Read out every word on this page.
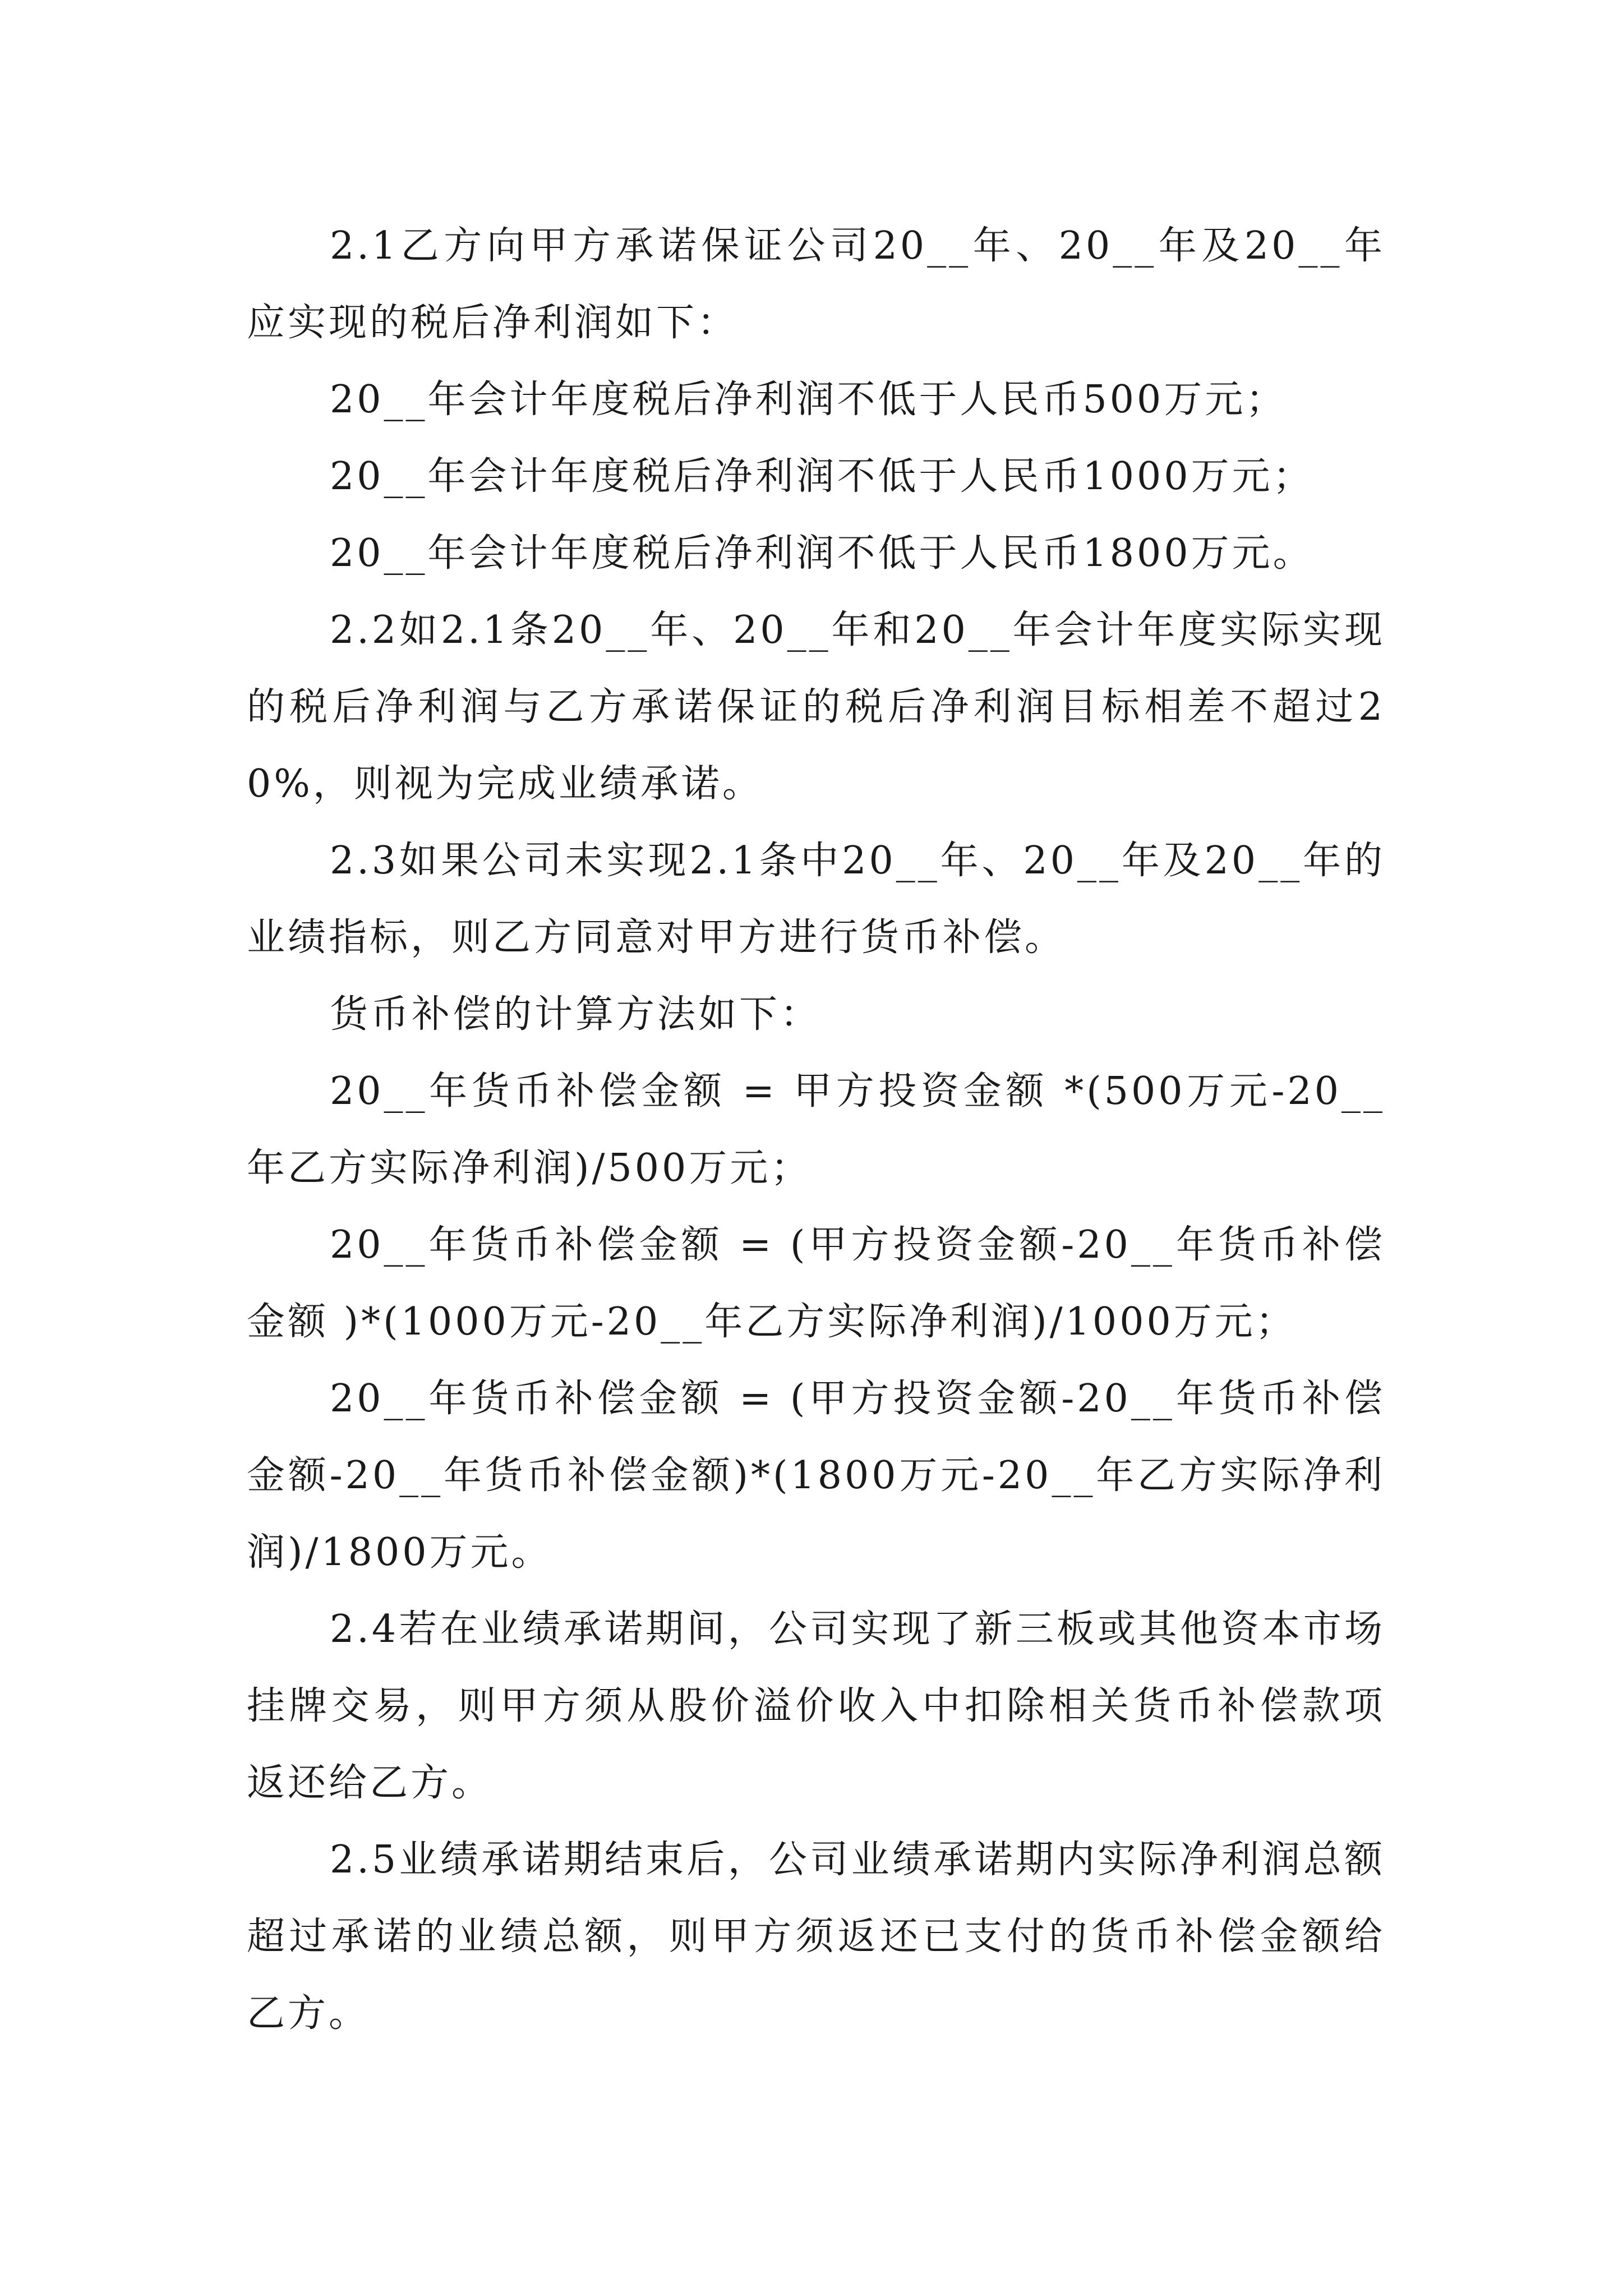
2.1乙方向甲方承诺保证公司20__年、20__年及20__年应实现的税后净利润如下：

20__年会计年度税后净利润不低于人民币500万元；

20__年会计年度税后净利润不低于人民币1000万元；

20__年会计年度税后净利润不低于人民币1800万元。

2.2如2.1条20__年、20__年和20__年会计年度实际实现的税后净利润与乙方承诺保证的税后净利润目标相差不超过20%，则视为完成业绩承诺。

2.3如果公司未实现2.1条中20__年、20__年及20__年的业绩指标，则乙方同意对甲方进行货币补偿。

货币补偿的计算方法如下：

20__年货币补偿金额 = 甲方投资金额 *(500万元-20__年乙方实际净利润)/500万元；

20__年货币补偿金额 = (甲方投资金额-20__年货币补偿金额 )*(1000万元-20__年乙方实际净利润)/1000万元；

20__年货币补偿金额 = (甲方投资金额-20__年货币补偿金额-20__年货币补偿金额)*(1800万元-20__年乙方实际净利润)/1800万元。

2.4若在业绩承诺期间，公司实现了新三板或其他资本市场挂牌交易，则甲方须从股价溢价收入中扣除相关货币补偿款项返还给乙方。

2.5业绩承诺期结束后，公司业绩承诺期内实际净利润总额超过承诺的业绩总额，则甲方须返还已支付的货币补偿金额给乙方。
